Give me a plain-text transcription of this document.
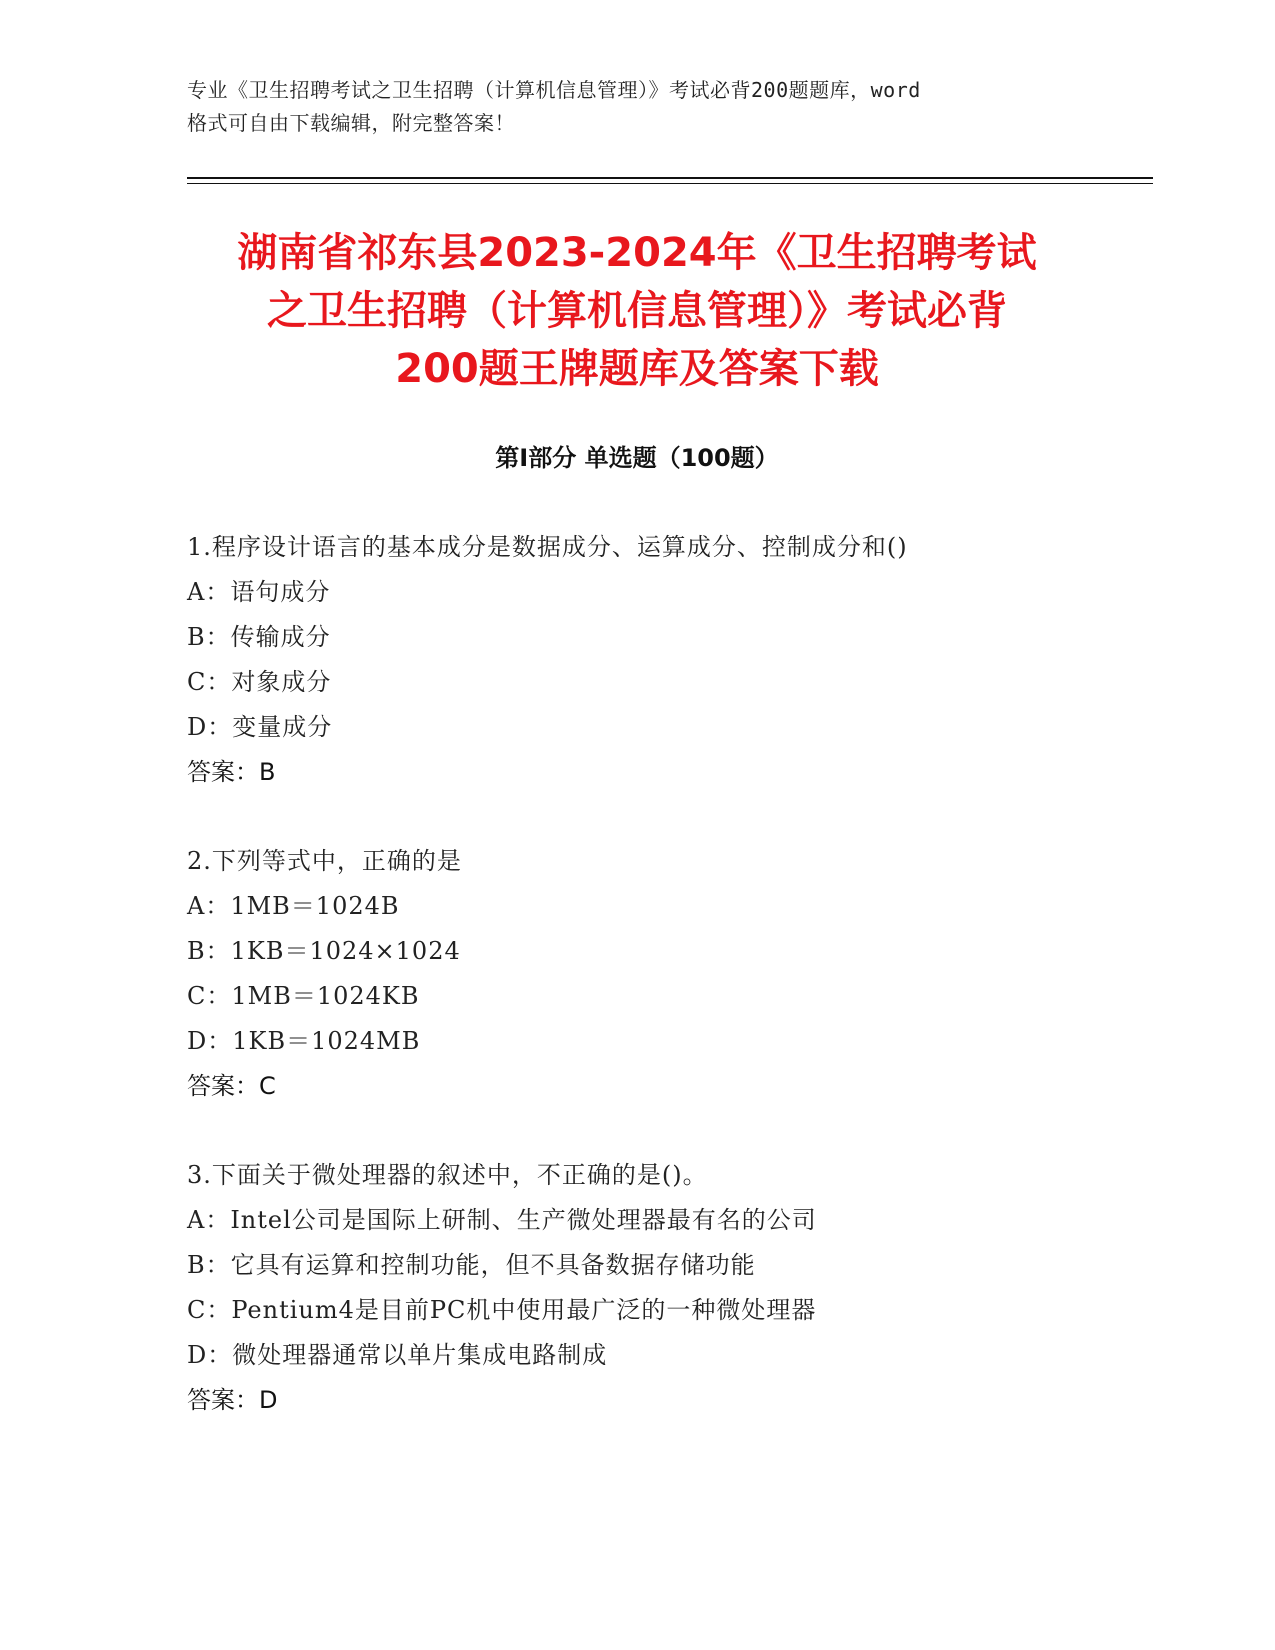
专业《卫生招聘考试之卫生招聘（计算机信息管理）》考试必背200题题库，word
格式可自由下载编辑，附完整答案！
湖南省祁东县2023-2024年《卫生招聘考试
之卫生招聘（计算机信息管理）》考试必背
200题王牌题库及答案下载
第Ⅰ部分 单选题（100题）
1.程序设计语言的基本成分是数据成分、运算成分、控制成分和()
A：语句成分
B：传输成分
C：对象成分
D：变量成分
答案：B
2.下列等式中，正确的是
A：1MB＝1024B
B：1KB＝1024×1024
C：1MB＝1024KB
D：1KB＝1024MB
答案：C
3.下面关于微处理器的叙述中，不正确的是()。
A：Intel公司是国际上研制、生产微处理器最有名的公司
B：它具有运算和控制功能，但不具备数据存储功能
C：Pentium4是目前PC机中使用最广泛的一种微处理器
D：微处理器通常以单片集成电路制成
答案：D
